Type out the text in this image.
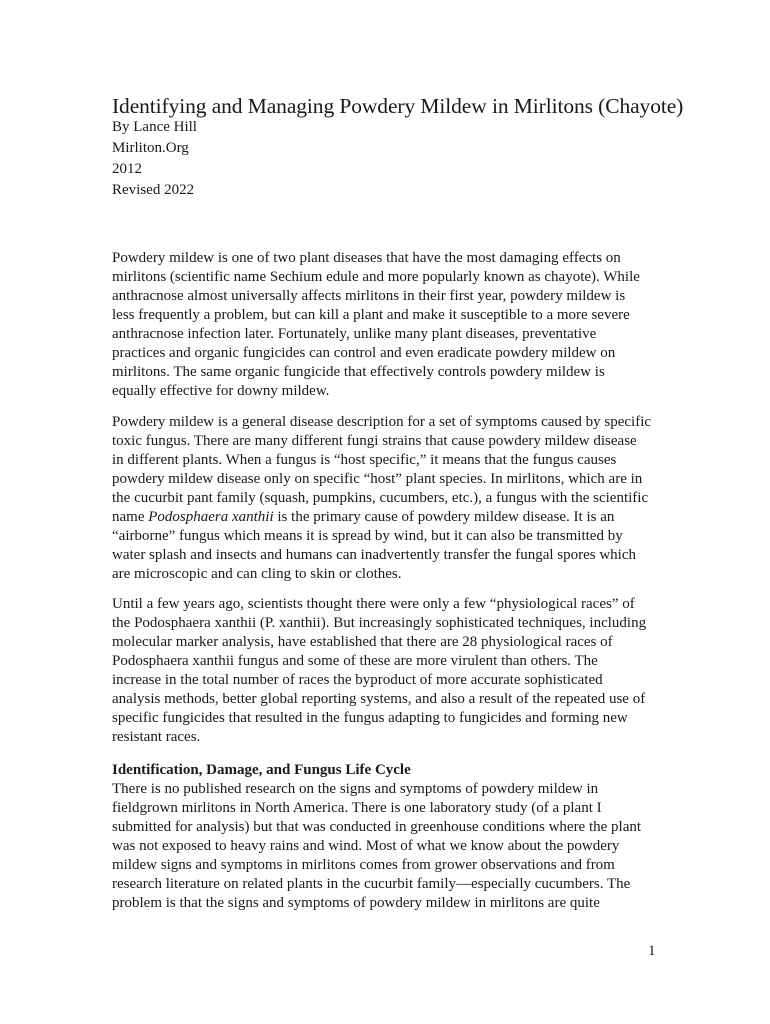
Identifying and Managing Powdery Mildew in Mirlitons (Chayote)
By Lance Hill
Mirliton.Org
2012
Revised 2022

Powdery mildew is one of two plant diseases that have the most damaging effects on
mirlitons (scientific name Sechium edule and more popularly known as chayote). While
anthracnose almost universally affects mirlitons in their first year, powdery mildew is
less frequently a problem, but can kill a plant and make it susceptible to a more severe
anthracnose infection later. Fortunately, unlike many plant diseases, preventative
practices and organic fungicides can control and even eradicate powdery mildew on
mirlitons. The same organic fungicide that effectively controls powdery mildew is
equally effective for downy mildew.

Powdery mildew is a general disease description for a set of symptoms caused by specific
toxic fungus. There are many different fungi strains that cause powdery mildew disease
in different plants. When a fungus is “host specific,” it means that the fungus causes
powdery mildew disease only on specific “host” plant species. In mirlitons, which are in
the cucurbit pant family (squash, pumpkins, cucumbers, etc.), a fungus with the scientific
name Podosphaera xanthii is the primary cause of powdery mildew disease. It is an
“airborne” fungus which means it is spread by wind, but it can also be transmitted by
water splash and insects and humans can inadvertently transfer the fungal spores which
are microscopic and can cling to skin or clothes.

Until a few years ago, scientists thought there were only a few “physiological races” of
the Podosphaera xanthii (P. xanthii). But increasingly sophisticated techniques, including
molecular marker analysis, have established that there are 28 physiological races of
Podosphaera xanthii fungus and some of these are more virulent than others. The
increase in the total number of races the byproduct of more accurate sophisticated
analysis methods, better global reporting systems, and also a result of the repeated use of
specific fungicides that resulted in the fungus adapting to fungicides and forming new
resistant races.

Identification, Damage, and Fungus Life Cycle

There is no published research on the signs and symptoms of powdery mildew in
fieldgrown mirlitons in North America. There is one laboratory study (of a plant I
submitted for analysis) but that was conducted in greenhouse conditions where the plant
was not exposed to heavy rains and wind. Most of what we know about the powdery
mildew signs and symptoms in mirlitons comes from grower observations and from
research literature on related plants in the cucurbit family—especially cucumbers. The
problem is that the signs and symptoms of powdery mildew in mirlitons are quite

1
